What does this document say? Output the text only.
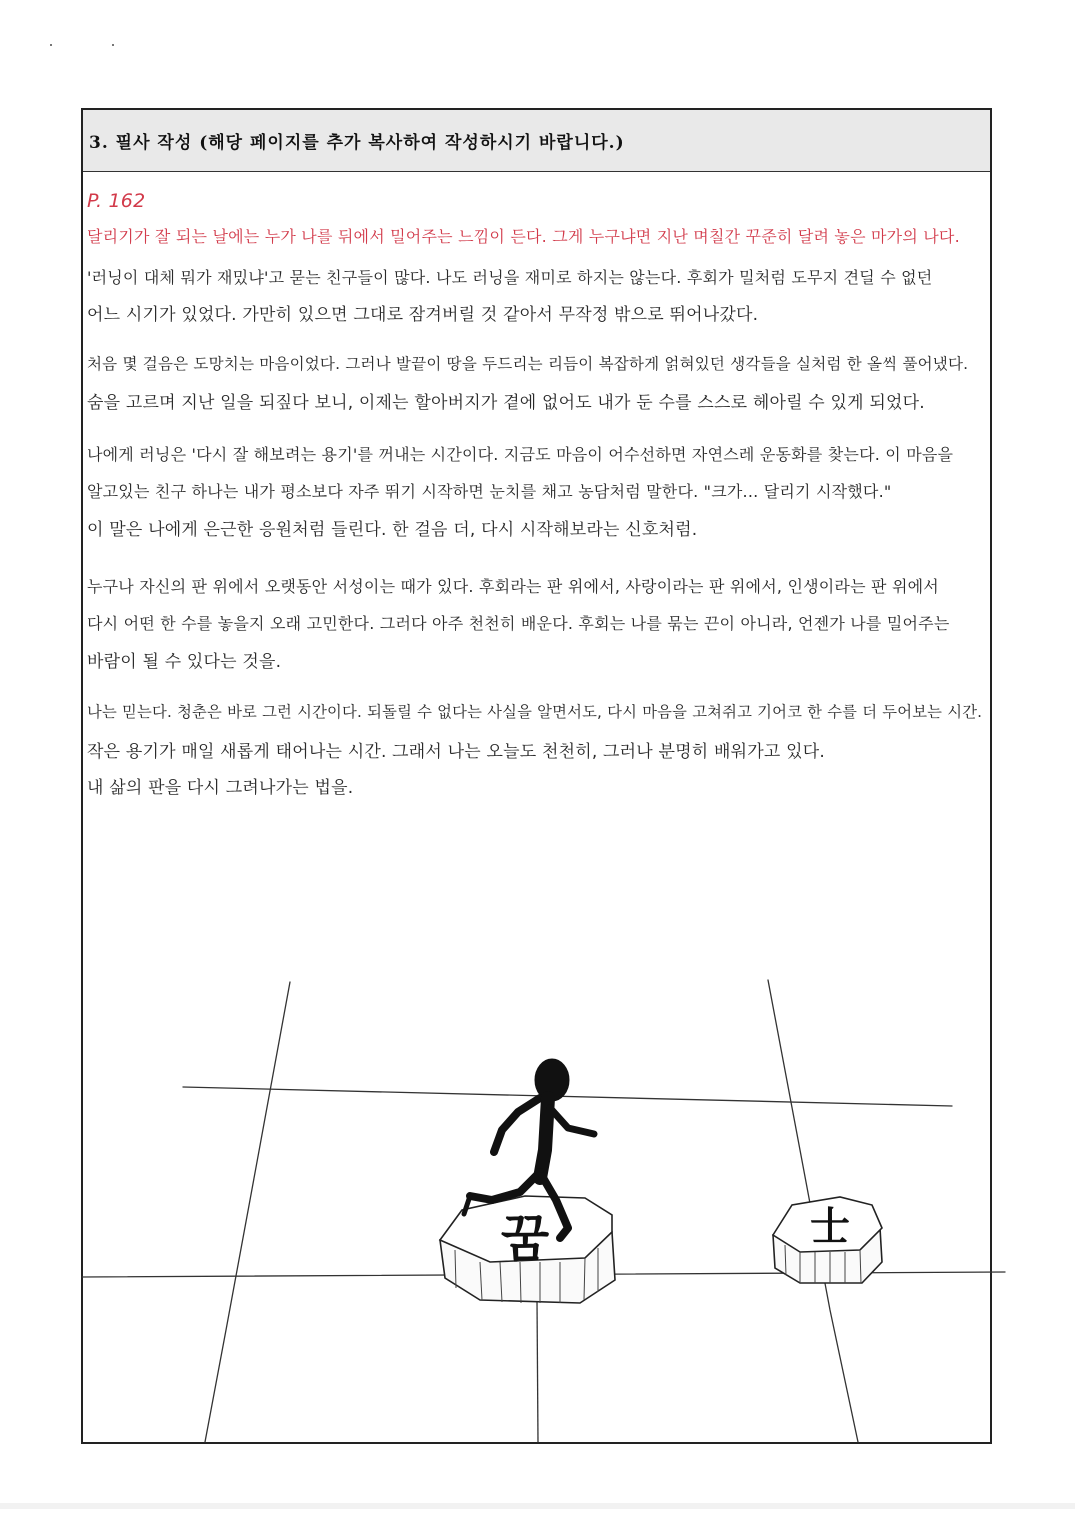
3. 필사 작성 (해당 페이지를 추가 복사하여 작성하시기 바랍니다.)
P. 162
달리기가 잘 되는 날에는 누가 나를 뒤에서 밀어주는 느낌이 든다. 그게 누구냐면 지난 며칠간 꾸준히 달려 놓은 마가의 나다.
'러닝이 대체 뭐가 재밌냐'고 묻는 친구들이 많다. 나도 러닝을 재미로 하지는 않는다. 후회가 밀처럼 도무지 견딜 수 없던
어느 시기가 있었다. 가만히 있으면 그대로 잠겨버릴 것 같아서 무작정 밖으로 뛰어나갔다.
처음 몇 걸음은 도망치는 마음이었다. 그러나 발끝이 땅을 두드리는 리듬이 복잡하게 얽혀있던 생각들을 실처럼 한 올씩 풀어냈다.
숨을 고르며 지난 일을 되짚다 보니, 이제는 할아버지가 곁에 없어도 내가 둔 수를 스스로 헤아릴 수 있게 되었다.
나에게 러닝은 '다시 잘 해보려는 용기'를 꺼내는 시간이다. 지금도 마음이 어수선하면 자연스레 운동화를 찾는다. 이 마음을
알고있는 친구 하나는 내가 평소보다 자주 뛰기 시작하면 눈치를 채고 농담처럼 말한다. "크가... 달리기 시작했다."
이 말은 나에게 은근한 응원처럼 들린다. 한 걸음 더, 다시 시작해보라는 신호처럼.
누구나 자신의 판 위에서 오랫동안 서성이는 때가 있다. 후회라는 판 위에서, 사랑이라는 판 위에서, 인생이라는 판 위에서
다시 어떤 한 수를 놓을지 오래 고민한다. 그러다 아주 천천히 배운다. 후회는 나를 묶는 끈이 아니라, 언젠가 나를 밀어주는
바람이 될 수 있다는 것을.
나는 믿는다. 청춘은 바로 그런 시간이다. 되돌릴 수 없다는 사실을 알면서도, 다시 마음을 고쳐쥐고 기어코 한 수를 더 두어보는 시간.
작은 용기가 매일 새롭게 태어나는 시간. 그래서 나는 오늘도 천천히, 그러나 분명히 배워가고 있다.
내 삶의 판을 다시 그려나가는 법을.
꿈	士
